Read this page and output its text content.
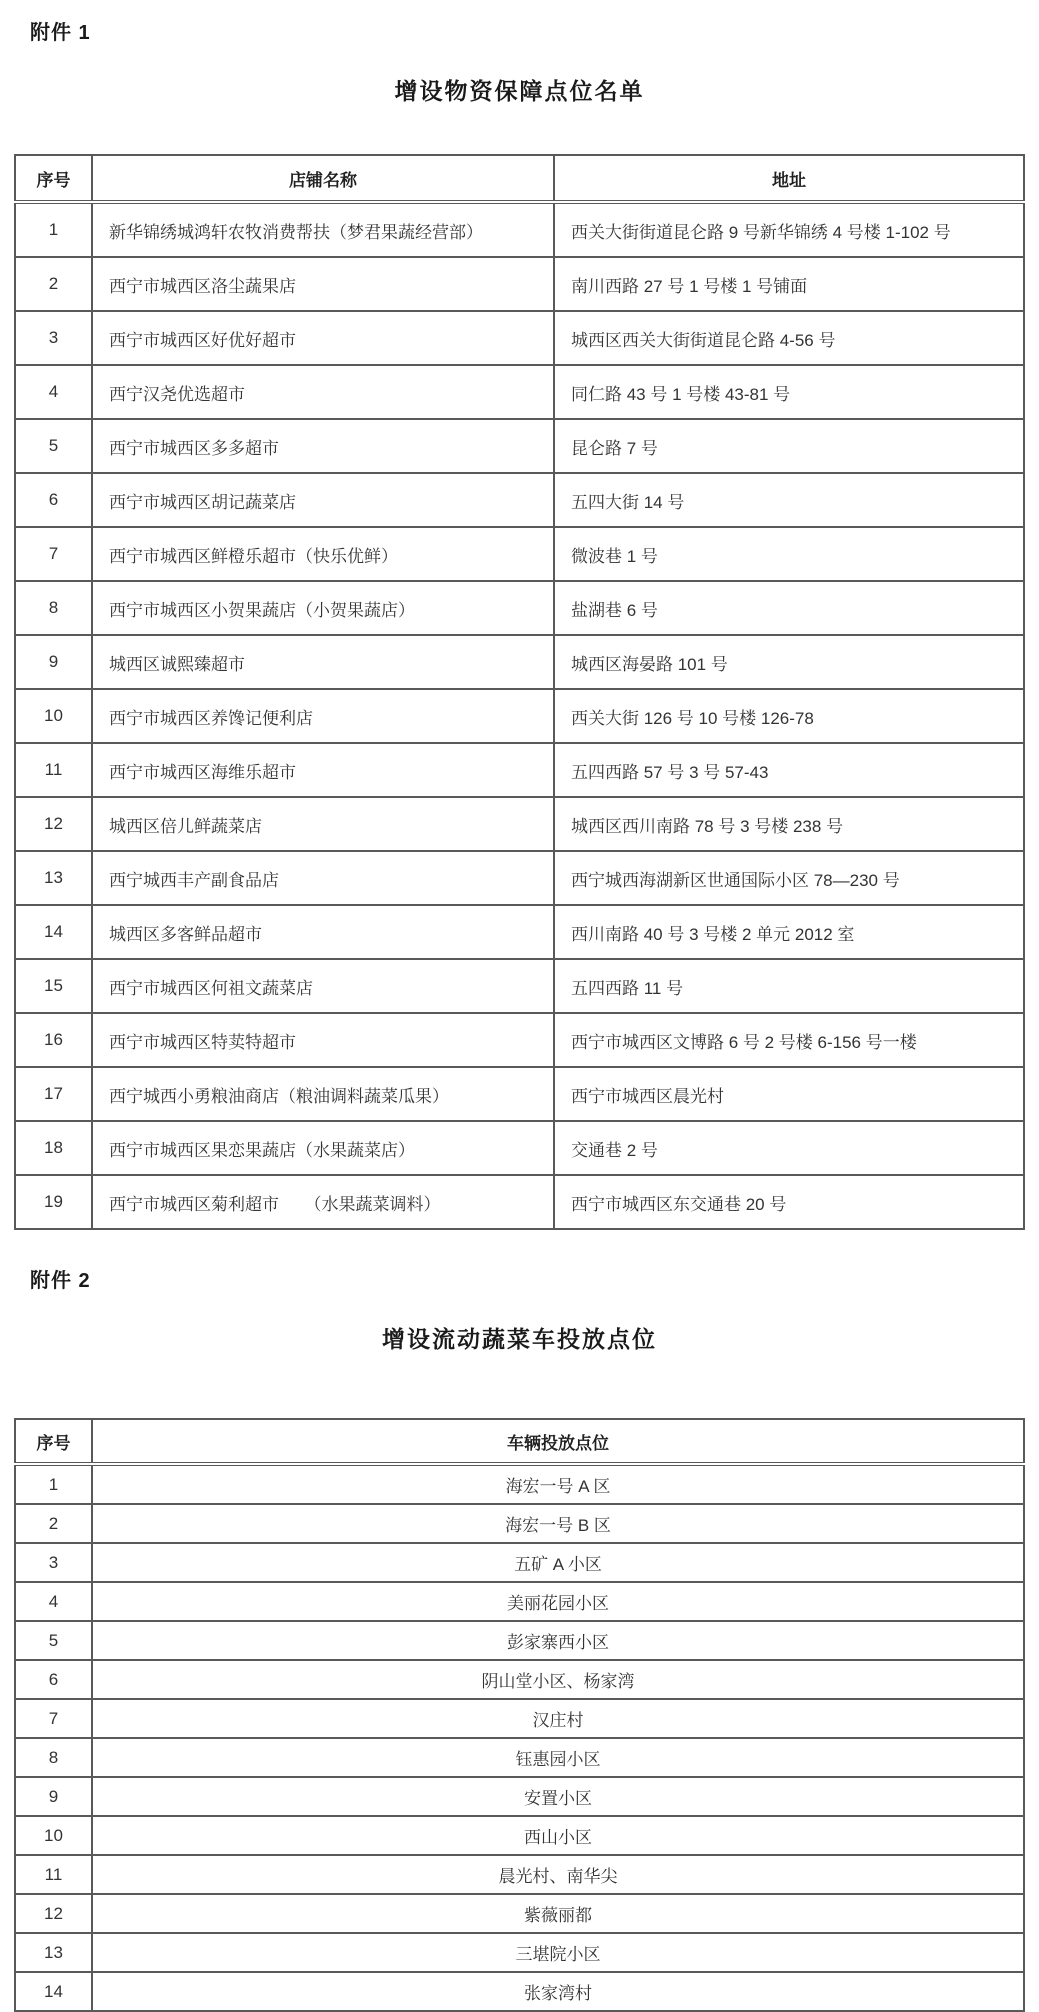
附件 1
增设物资保障点位名单
序号	店铺名称	地址
1	新华锦绣城鸿轩农牧消费帮扶（梦君果蔬经营部）	西关大街街道昆仑路 9 号新华锦绣 4 号楼 1-102 号
2	西宁市城西区洛尘蔬果店	南川西路 27 号 1 号楼 1 号铺面
3	西宁市城西区好优好超市	城西区西关大街街道昆仑路 4-56 号
4	西宁汉尧优选超市	同仁路 43 号 1 号楼 43-81 号
5	西宁市城西区多多超市	昆仑路 7 号
6	西宁市城西区胡记蔬菜店	五四大街 14 号
7	西宁市城西区鲜橙乐超市（快乐优鲜）	微波巷 1 号
8	西宁市城西区小贺果蔬店（小贺果蔬店）	盐湖巷 6 号
9	城西区诚熙臻超市	城西区海晏路 101 号
10	西宁市城西区养馋记便利店	西关大街 126 号 10 号楼 126-78
11	西宁市城西区海维乐超市	五四西路 57 号 3 号 57-43
12	城西区倍儿鲜蔬菜店	城西区西川南路 78 号 3 号楼 238 号
13	西宁城西丰产副食品店	西宁城西海湖新区世通国际小区 78—230 号
14	城西区多客鲜品超市	西川南路 40 号 3 号楼 2 单元 2012 室
15	西宁市城西区何祖文蔬菜店	五四西路 11 号
16	西宁市城西区特荬特超市	西宁市城西区文博路 6 号 2 号楼 6-156 号一楼
17	西宁城西小勇粮油商店（粮油调料蔬菜瓜果）	西宁市城西区晨光村
18	西宁市城西区果恋果蔬店（水果蔬菜店）	交通巷 2 号
19	西宁市城西区菊利超市　　（水果蔬菜调料）	西宁市城西区东交通巷 20 号
附件 2
增设流动蔬菜车投放点位
序号	车辆投放点位
1	海宏一号 A 区
2	海宏一号 B 区
3	五矿 A 小区
4	美丽花园小区
5	彭家寨西小区
6	阴山堂小区、杨家湾
7	汉庄村
8	钰惠园小区
9	安置小区
10	西山小区
11	晨光村、南华尖
12	紫薇丽都
13	三堪院小区
14	张家湾村
